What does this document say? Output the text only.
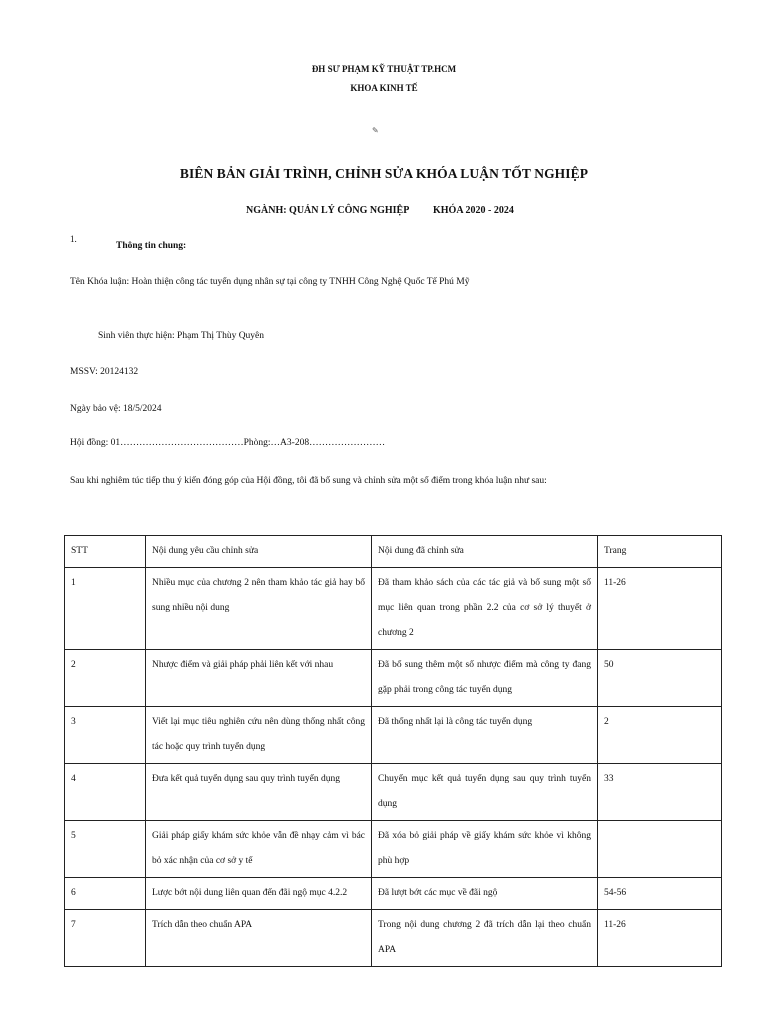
ĐH SƯ PHẠM KỸ THUẬT TP.HCM
KHOA KINH TẾ
✎
BIÊN BẢN GIẢI TRÌNH, CHỈNH SỬA KHÓA LUẬN TỐT NGHIỆP
NGÀNH: QUẢN LÝ CÔNG NGHIỆP KHÓA 2020 - 2024
1.
Thông tin chung:
Tên Khóa luận: Hoàn thiện công tác tuyển dụng nhân sự tại công ty TNHH Công Nghệ Quốc Tế Phú Mỹ
Sinh viên thực hiện: Phạm Thị Thùy Quyên
MSSV: 20124132
Ngày bảo vệ: 18/5/2024
Hội đồng: 01…………………………………Phòng:…A3-208……………………
Sau khi nghiêm túc tiếp thu ý kiến đóng góp của Hội đồng, tôi đã bổ sung và chỉnh sửa một số điểm trong khóa luận như sau:
STT	Nội dung yêu cầu chỉnh sửa	Nội dung đã chỉnh sửa	Trang
1	Nhiều mục của chương 2 nên tham khảo tác giả hay bổ sung nhiều nội dung	Đã tham khảo sách của các tác giả và bổ sung một số mục liên quan trong phần 2.2 của cơ sở lý thuyết ở chương 2	11-26
2	Nhược điểm và giải pháp phải liên kết với nhau	Đã bổ sung thêm một số nhược điểm mà công ty đang gặp phải trong công tác tuyển dụng	50
3	Viết lại mục tiêu nghiên cứu nên dùng thống nhất công tác hoặc quy trình tuyển dụng	Đã thống nhất lại là công tác tuyển dụng	2
4	Đưa kết quả tuyển dụng sau quy trình tuyển dụng	Chuyển mục kết quả tuyển dụng sau quy trình tuyển dụng	33
5	Giải pháp giấy khám sức khỏe vẫn đề nhạy cảm vì bác bỏ xác nhận của cơ sở y tế	Đã xóa bỏ giải pháp về giấy khám sức khỏe vì không phù hợp	
6	Lược bớt nội dung liên quan đến đãi ngộ mục 4.2.2	Đã lượt bớt các mục về đãi ngộ	54-56
7	Trích dẫn theo chuẩn APA	Trong nội dung chương 2 đã trích dẫn lại theo chuẩn APA	11-26
